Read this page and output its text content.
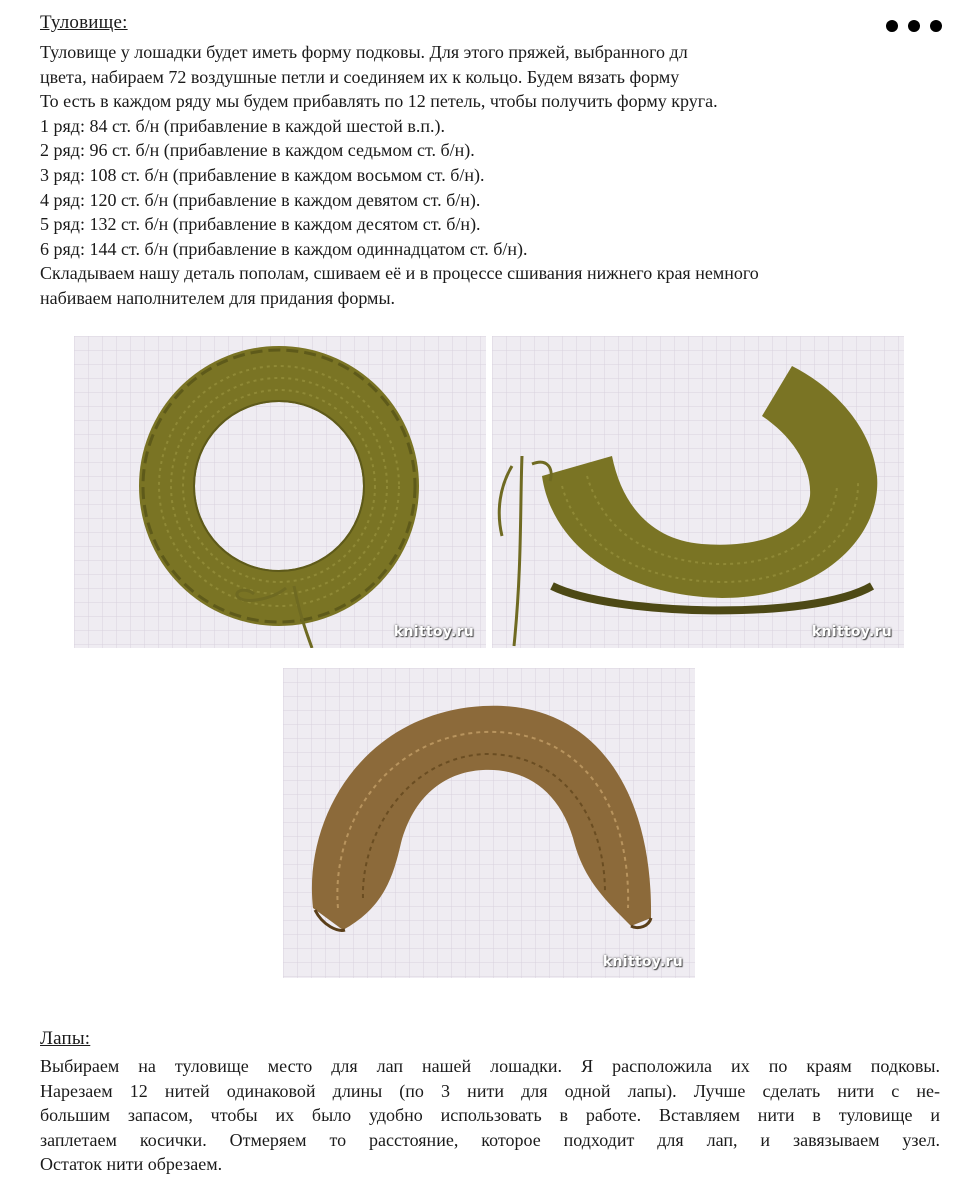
Туловище:

Туловище у лошадки будет иметь форму подковы. Для этого пряжей, выбранного дл

цвета, набираем 72 воздушные петли и соединяем их к кольцо. Будем вязать форму

То есть в каждом ряду мы будем прибавлять по 12 петель, чтобы получить форму круга.

1 ряд: 84 ст. б/н (прибавление в каждой шестой в.п.).

2 ряд: 96 ст. б/н (прибавление в каждом седьмом ст. б/н).

3 ряд: 108 ст. б/н (прибавление в каждом восьмом ст. б/н).

4 ряд: 120 ст. б/н (прибавление в каждом девятом ст. б/н).

5 ряд: 132 ст. б/н (прибавление в каждом десятом ст. б/н).

6 ряд: 144 ст. б/н (прибавление в каждом одиннадцатом ст. б/н).

Складываем нашу деталь пополам, сшиваем её и в процессе сшивания нижнего края немного

набиваем наполнителем для придания формы.

knittoy.ru	knittoy.ru
knittoy.ru
Лапы:

Выбираем на туловище место для лап нашей лошадки. Я расположила их по краям подковы.

Нарезаем 12 нитей одинаковой длины (по 3 нити для одной лапы). Лучше сделать нити с не-

большим запасом, чтобы их было удобно использовать в работе. Вставляем нити в туловище и

заплетаем косички. Отмеряем то расстояние, которое подходит для лап, и завязываем узел.

Остаток нити обрезаем.
